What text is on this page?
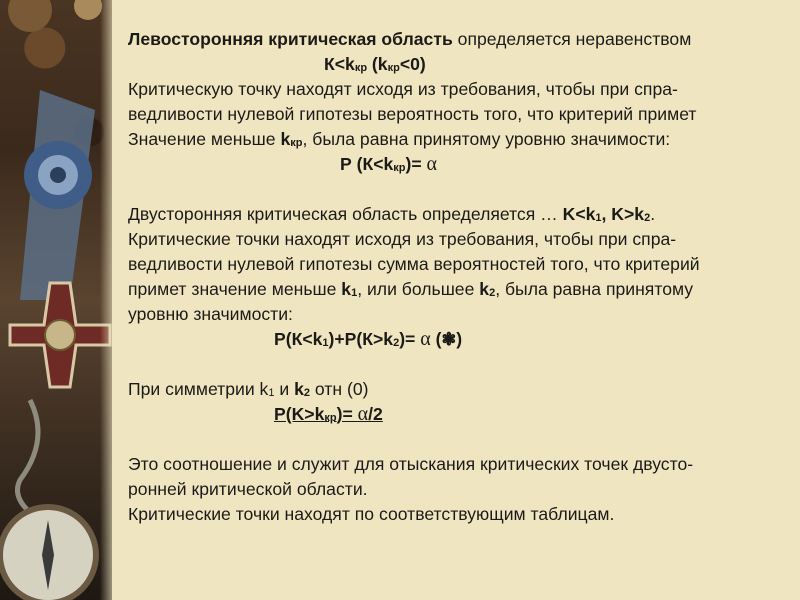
Левосторонняя критическая область определяется неравенством
$К<k_{кр}$ $(k_{кр}<0)$
Критическую точку находят исходя из требования, чтобы при спра-
ведливости нулевой гипотезы вероятность того, что критерий примет
Значение меньше $k_{кр}$, была равна принятому уровню значимости:
Р $(К<k_{кр})= \alpha$
Двусторонняя критическая область определяется … $K<k_1$, $K>k_2$.
Критические точки находят исходя из требования, чтобы при спра-
ведливости нулевой гипотезы сумма вероятностей того, что критерий
примет значение меньше $k_1$, или большее $k_2$, была равна принятому
уровню значимости:
$Р(К<k_1)+Р(К>k_2)= \alpha$ (❃)
При симметрии $k_1$ и $k_2$ отн (0)
$Р(K>k_{кр})= \alpha/2$
Это соотношение и служит для отыскания критических точек двусто-
ронней критической области.
Критические точки находят по соответствующим таблицам.
